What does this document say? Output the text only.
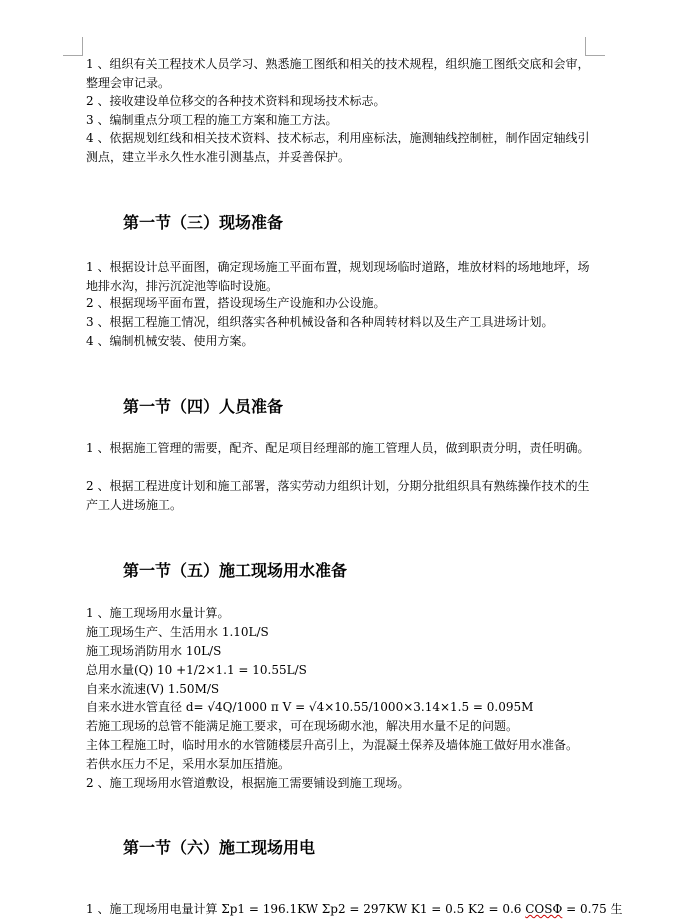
1 、组织有关工程技术人员学习、熟悉施工图纸和相关的技术规程，组织施工图纸交底和会审，整理会审记录。
2 、接收建设单位移交的各种技术资料和现场技术标志。
3 、编制重点分项工程的施工方案和施工方法。
4 、依据规划红线和相关技术资料、技术标志，利用座标法，施测轴线控制桩，制作固定轴线引测点，建立半永久性水准引测基点，并妥善保护。
第一节（三）现场准备
1 、根据设计总平面图，确定现场施工平面布置，规划现场临时道路，堆放材料的场地地坪，场地排水沟，排污沉淀池等临时设施。
2 、根据现场平面布置，搭设现场生产设施和办公设施。
3 、根据工程施工情况，组织落实各种机械设备和各种周转材料以及生产工具进场计划。
4 、编制机械安装、使用方案。
第一节（四）人员准备
1 、根据施工管理的需要，配齐、配足项目经理部的施工管理人员，做到职责分明，责任明确。
2 、根据工程进度计划和施工部署，落实劳动力组织计划，分期分批组织具有熟练操作技术的生产工人进场施工。
第一节（五）施工现场用水准备
1 、施工现场用水量计算。
施工现场生产、生活用水 1.10L/S
施工现场消防用水 10L/S
总用水量(Q) 10 +1/2×1.1 = 10.55L/S
自来水流速(V) 1.50M/S
自来水进水管直径 d= √4Q/1000 π V = √4×10.55/1000×3.14×1.5 = 0.095M
若施工现场的总管不能满足施工要求，可在现场砌水池，解决用水量不足的问题。
主体工程施工时，临时用水的水管随楼层升高引上，为混凝土保养及墙体施工做好用水准备。
若供水压力不足，采用水泵加压措施。
2 、施工现场用水管道敷设，根据施工需要铺设到施工现场。
第一节（六）施工现场用电
1 、施工现场用电量计算 Σp1 = 196.1KW Σp2 = 297KW K1 = 0.5 K2 = 0.6 COSΦ = 0.75 生
